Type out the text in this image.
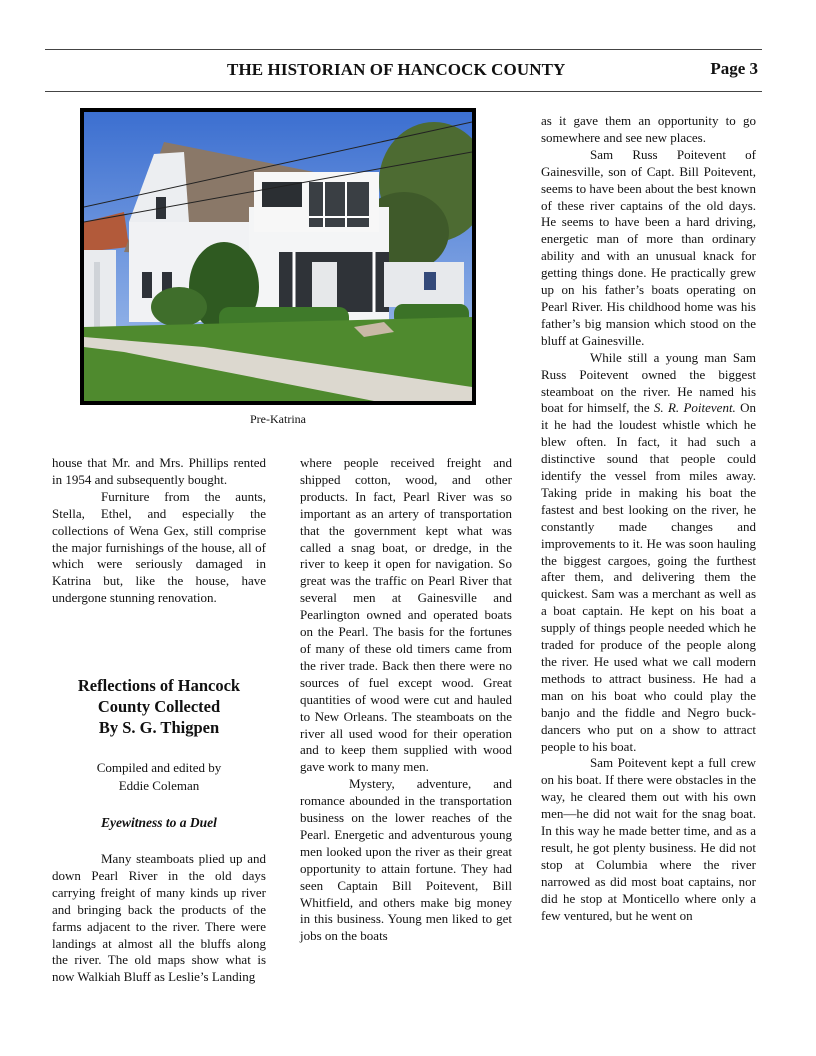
THE HISTORIAN OF HANCOCK COUNTY	Page 3
Pre-Katrina

house that Mr. and Mrs. Phillips rented in 1954 and subsequently bought.

Furniture from the aunts, Stella, Ethel, and especially the collections of Wena Gex, still comprise the major furnishings of the house, all of which were seriously damaged in Katrina but, like the house, have undergone stunning renovation.

Reflections of Hancock
County Collected
By S. G. Thigpen
Compiled and edited by
Eddie Coleman
Eyewitness to a Duel

Many steamboats plied up and down Pearl River in the old days carrying freight of many kinds up river and bringing back the products of the farms adjacent to the river. There were landings at almost all the bluffs along the river. The old maps show what is now Walkiah Bluff as Leslie’s Landing

where people received freight and shipped cotton, wood, and other products. In fact, Pearl River was so important as an artery of transportation that the government kept what was called a snag boat, or dredge, in the river to keep it open for navigation. So great was the traffic on Pearl River that several men at Gainesville and Pearlington owned and operated boats on the Pearl. The basis for the fortunes of many of these old timers came from the river trade. Back then there were no sources of fuel except wood. Great quantities of wood were cut and hauled to New Orleans. The steamboats on the river all used wood for their operation and to keep them supplied with wood gave work to many men.

Mystery, adventure, and romance abounded in the transportation business on the lower reaches of the Pearl. Energetic and adventurous young men looked upon the river as their great opportunity to attain fortune. They had seen Captain Bill Poitevent, Bill Whitfield, and others make big money in this business. Young men liked to get jobs on the boats

as it gave them an opportunity to go somewhere and see new places.

Sam Russ Poitevent of Gainesville, son of Capt. Bill Poitevent, seems to have been about the best known of these river captains of the old days. He seems to have been a hard driving, energetic man of more than ordinary ability and with an unusual knack for getting things done. He practically grew up on his father’s boats operating on Pearl River. His childhood home was his father’s big mansion which stood on the bluff at Gainesville.

While still a young man Sam Russ Poitevent owned the biggest steamboat on the river. He named his boat for himself, the S. R. Poitevent. On it he had the loudest whistle which he blew often. In fact, it had such a distinctive sound that people could identify the vessel from miles away. Taking pride in making his boat the fastest and best looking on the river, he constantly made changes and improvements to it. He was soon hauling the biggest cargoes, going the furthest after them, and delivering them the quickest. Sam was a merchant as well as a boat captain. He kept on his boat a supply of things people needed which he traded for produce of the people along the river. He used what we call modern methods to attract business. He had a man on his boat who could play the banjo and the fiddle and Negro buck-dancers who put on a show to attract people to his boat.

Sam Poitevent kept a full crew on his boat. If there were obstacles in the way, he cleared them out with his own men—he did not wait for the snag boat. In this way he made better time, and as a result, he got plenty business. He did not stop at Columbia where the river narrowed as did most boat captains, nor did he stop at Monticello where only a few ventured, but he went on
